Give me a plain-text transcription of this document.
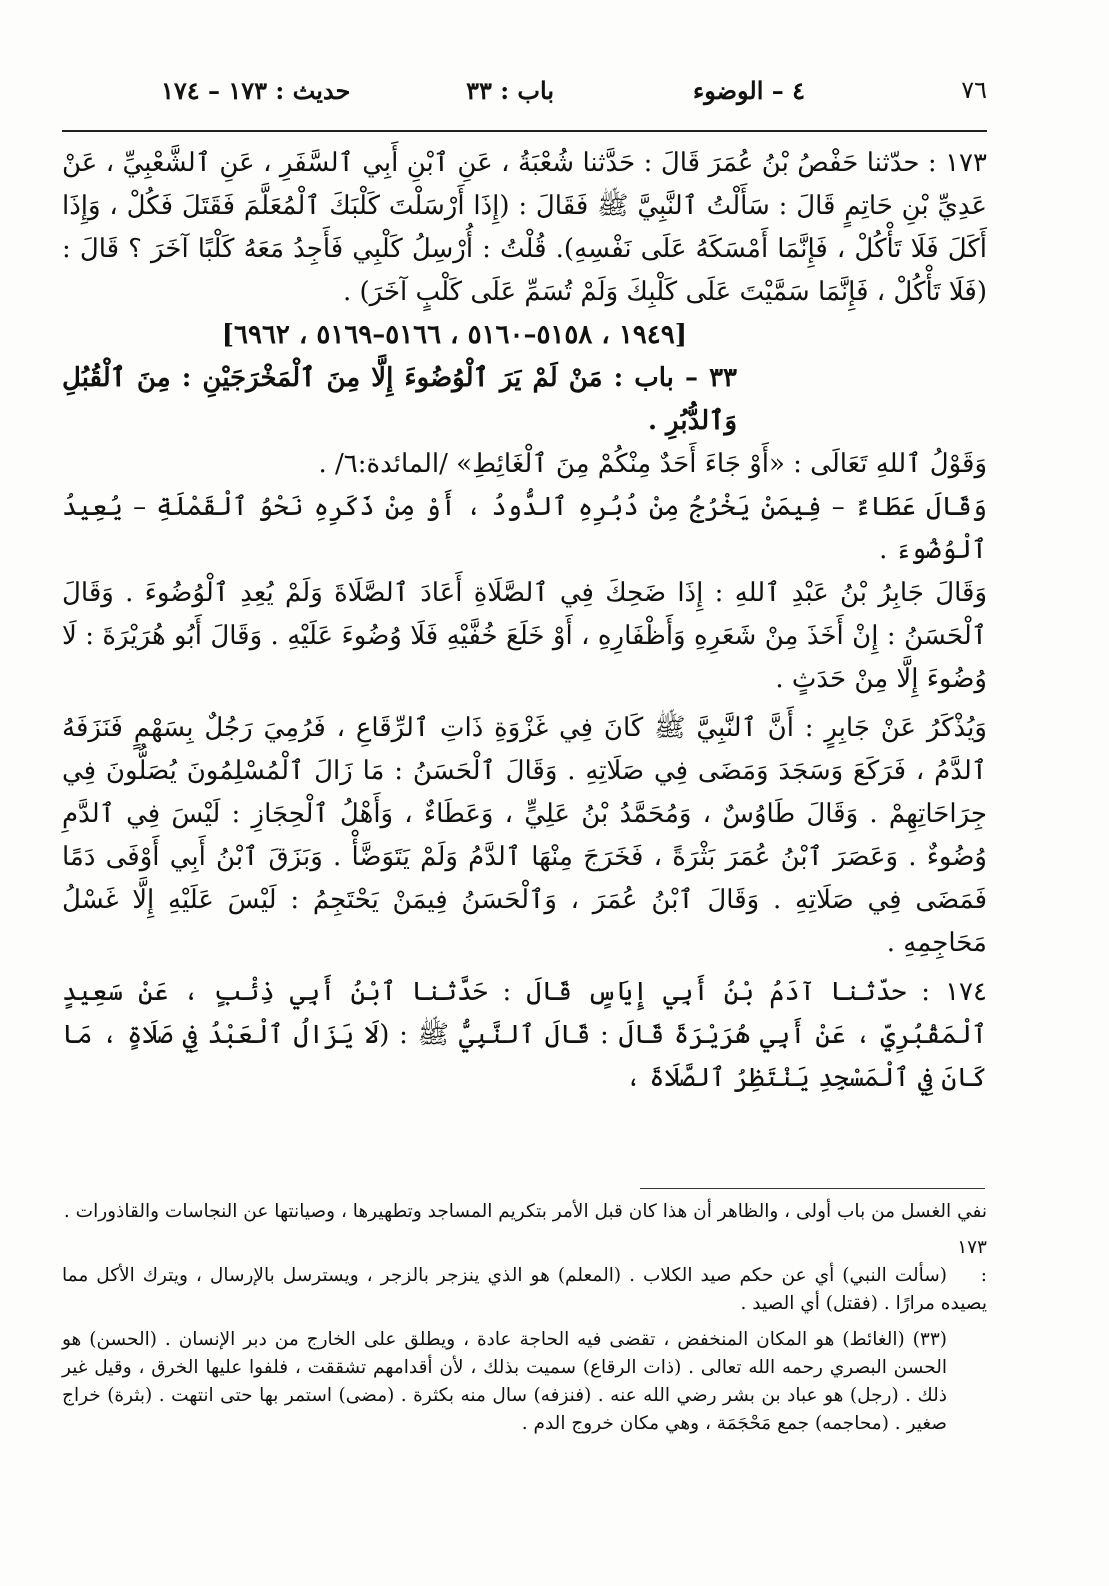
٧٦
٤ – الوضوء
باب : ٣٣
حديث : ١٧٣ – ١٧٤

١٧٣ : حدّثنا حَفْصُ بْنُ عُمَرَ قَالَ : حَدَّثنا شُعْبَةُ ، عَنِ ٱبْنِ أَبِي ٱلسَّفَرِ ، عَنِ ٱلشَّعْبِيِّ ، عَنْ عَدِيِّ بْنِ حَاتِمٍ قَالَ : سَأَلْتُ ٱلنَّبِيَّ ﷺ فَقَالَ : (إِذَا أَرْسَلْتَ كَلْبَكَ ٱلْمُعَلَّمَ فَقَتَلَ فَكُلْ ، وَإِذَا أَكَلَ فَلَا تَأْكُلْ ، فَإِنَّمَا أَمْسَكَهُ عَلَى نَفْسِهِ). قُلْتُ : أُرْسِلُ كَلْبِي فَأَجِدُ مَعَهُ كَلْبًا آخَرَ ؟ قَالَ : (فَلَا تَأْكُلْ ، فَإِنَّمَا سَمَّيْتَ عَلَى كَلْبِكَ وَلَمْ تُسَمِّ عَلَى كَلْبٍ آخَرَ) .

[١٩٤٩ ، ٥١٥٨–٥١٦٠ ، ٥١٦٦–٥١٦٩ ، ٦٩٦٢]

٣٣ – باب : مَنْ لَمْ يَرَ ٱلْوُضُوءَ إِلَّا مِنَ ٱلْمَخْرَجَيْنِ : مِنَ ٱلْقُبُلِ وَٱلدُّبُرِ .

وَقَوْلُ ٱللهِ تَعَالَى : «أَوْ جَاءَ أَحَدٌ مِنْكُمْ مِنَ ٱلْغَائِطِ» /المائدة:٦/ .

وَقَالَ عَطَاءٌ – فِيمَنْ يَخْرُجُ مِنْ دُبُرِهِ ٱلدُّودُ ، أَوْ مِنْ ذَكَرِهِ نَحْوُ ٱلْقَمْلَةِ – يُعِيدُ ٱلْوُضُوءَ .

وَقَالَ جَابِرُ بْنُ عَبْدِ ٱللهِ : إِذَا ضَحِكَ فِي ٱلصَّلَاةِ أَعَادَ ٱلصَّلَاةَ وَلَمْ يُعِدِ ٱلْوُضُوءَ . وَقَالَ ٱلْحَسَنُ : إِنْ أَخَذَ مِنْ شَعَرِهِ وَأَظْفَارِهِ ، أَوْ خَلَعَ خُفَّيْهِ فَلَا وُضُوءَ عَلَيْهِ . وَقَالَ أَبُو هُرَيْرَةَ : لَا وُضُوءَ إِلَّا مِنْ حَدَثٍ .

وَيُذْكَرُ عَنْ جَابِرٍ : أَنَّ ٱلنَّبِيَّ ﷺ كَانَ فِي غَزْوَةِ ذَاتِ ٱلرِّقَاعِ ، فَرُمِيَ رَجُلٌ بِسَهْمٍ فَنَزَفَهُ ٱلدَّمُ ، فَرَكَعَ وَسَجَدَ وَمَضَى فِي صَلَاتِهِ . وَقَالَ ٱلْحَسَنُ : مَا زَالَ ٱلْمُسْلِمُونَ يُصَلُّونَ فِي جِرَاحَاتِهِمْ . وَقَالَ طَاوُسٌ ، وَمُحَمَّدُ بْنُ عَلِيٍّ ، وَعَطَاءٌ ، وَأَهْلُ ٱلْحِجَازِ : لَيْسَ فِي ٱلدَّمِ وُضُوءٌ . وَعَصَرَ ٱبْنُ عُمَرَ بَثْرَةً ، فَخَرَجَ مِنْهَا ٱلدَّمُ وَلَمْ يَتَوَضَّأْ . وَبَزَقَ ٱبْنُ أَبِي أَوْفَى دَمًا فَمَضَى فِي صَلَاتِهِ . وَقَالَ ٱبْنُ عُمَرَ ، وَٱلْحَسَنُ فِيمَنْ يَحْتَجِمُ : لَيْسَ عَلَيْهِ إِلَّا غَسْلُ مَحَاجِمِهِ .

١٧٤ : حدّثنا آدَمُ بْنُ أَبِي إِيَاسٍ قَالَ : حَدَّثنا ٱبْنُ أَبِي ذِئْبٍ ، عَنْ سَعِيدٍ ٱلْمَقْبُرِيِّ ، عَنْ أَبِي هُرَيْرَةَ قَالَ : قَالَ ٱلنَّبِيُّ ﷺ : (لَا يَزَالُ ٱلْعَبْدُ فِي صَلَاةٍ ، مَا كَانَ فِي ٱلْمَسْجِدِ يَنْتَظِرُ ٱلصَّلَاةَ ،

نفي الغسل من باب أولى ، والظاهر أن هذا كان قبل الأمر بتكريم المساجد وتطهيرها ، وصيانتها عن النجاسات والقاذورات .

١٧٣ :(سألت النبي) أي عن حكم صيد الكلاب . (المعلم) هو الذي ينزجر بالزجر ، ويسترسل بالإرسال ، ويترك الأكل مما يصيده مرارًا . (فقتل) أي الصيد .

(٣٣) (الغائط) هو المكان المنخفض ، تقضى فيه الحاجة عادة ، ويطلق على الخارج من دبر الإنسان . (الحسن) هو الحسن البصري رحمه الله تعالى . (ذات الرقاع) سميت بذلك ، لأن أقدامهم تشققت ، فلفوا عليها الخرق ، وقيل غير ذلك . (رجل) هو عباد بن بشر رضي الله عنه . (فنزفه) سال منه بكثرة . (مضى) استمر بها حتى انتهت . (بثرة) خراج صغير . (محاجمه) جمع مَحْجَمَة ، وهي مكان خروج الدم .
